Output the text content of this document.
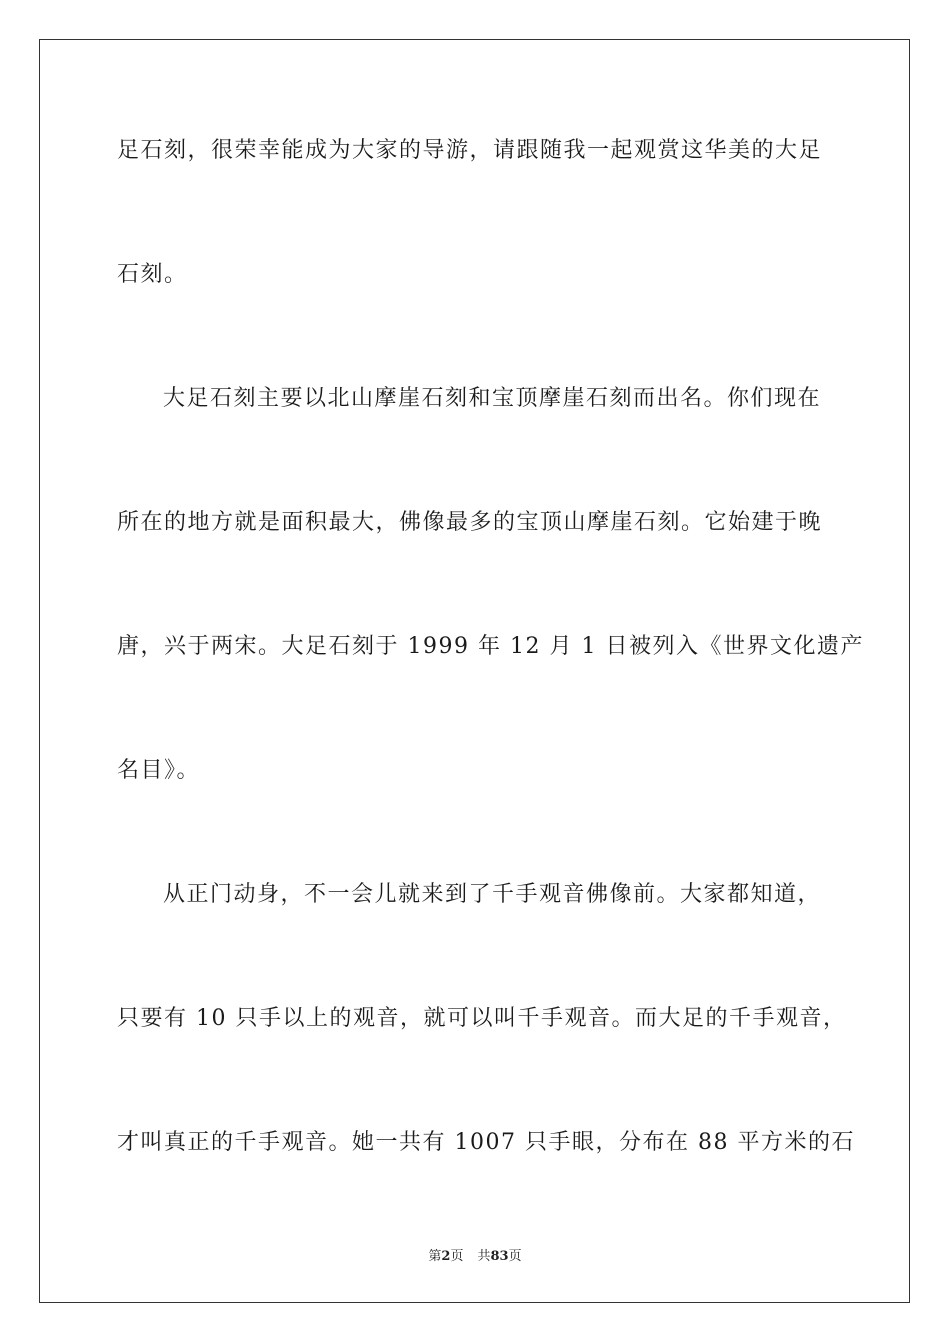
足石刻，很荣幸能成为大家的导游，请跟随我一起观赏这华美的大足

石刻。

大足石刻主要以北山摩崖石刻和宝顶摩崖石刻而出名。你们现在

所在的地方就是面积最大，佛像最多的宝顶山摩崖石刻。它始建于晚

唐，兴于两宋。大足石刻于 1999 年 12 月 1 日被列入《世界文化遗产

名目》。

从正门动身，不一会儿就来到了千手观音佛像前。大家都知道，

只要有 10 只手以上的观音，就可以叫千手观音。而大足的千手观音，

才叫真正的千手观音。她一共有 1007 只手眼，分布在 88 平方米的石

第2页 共83页
